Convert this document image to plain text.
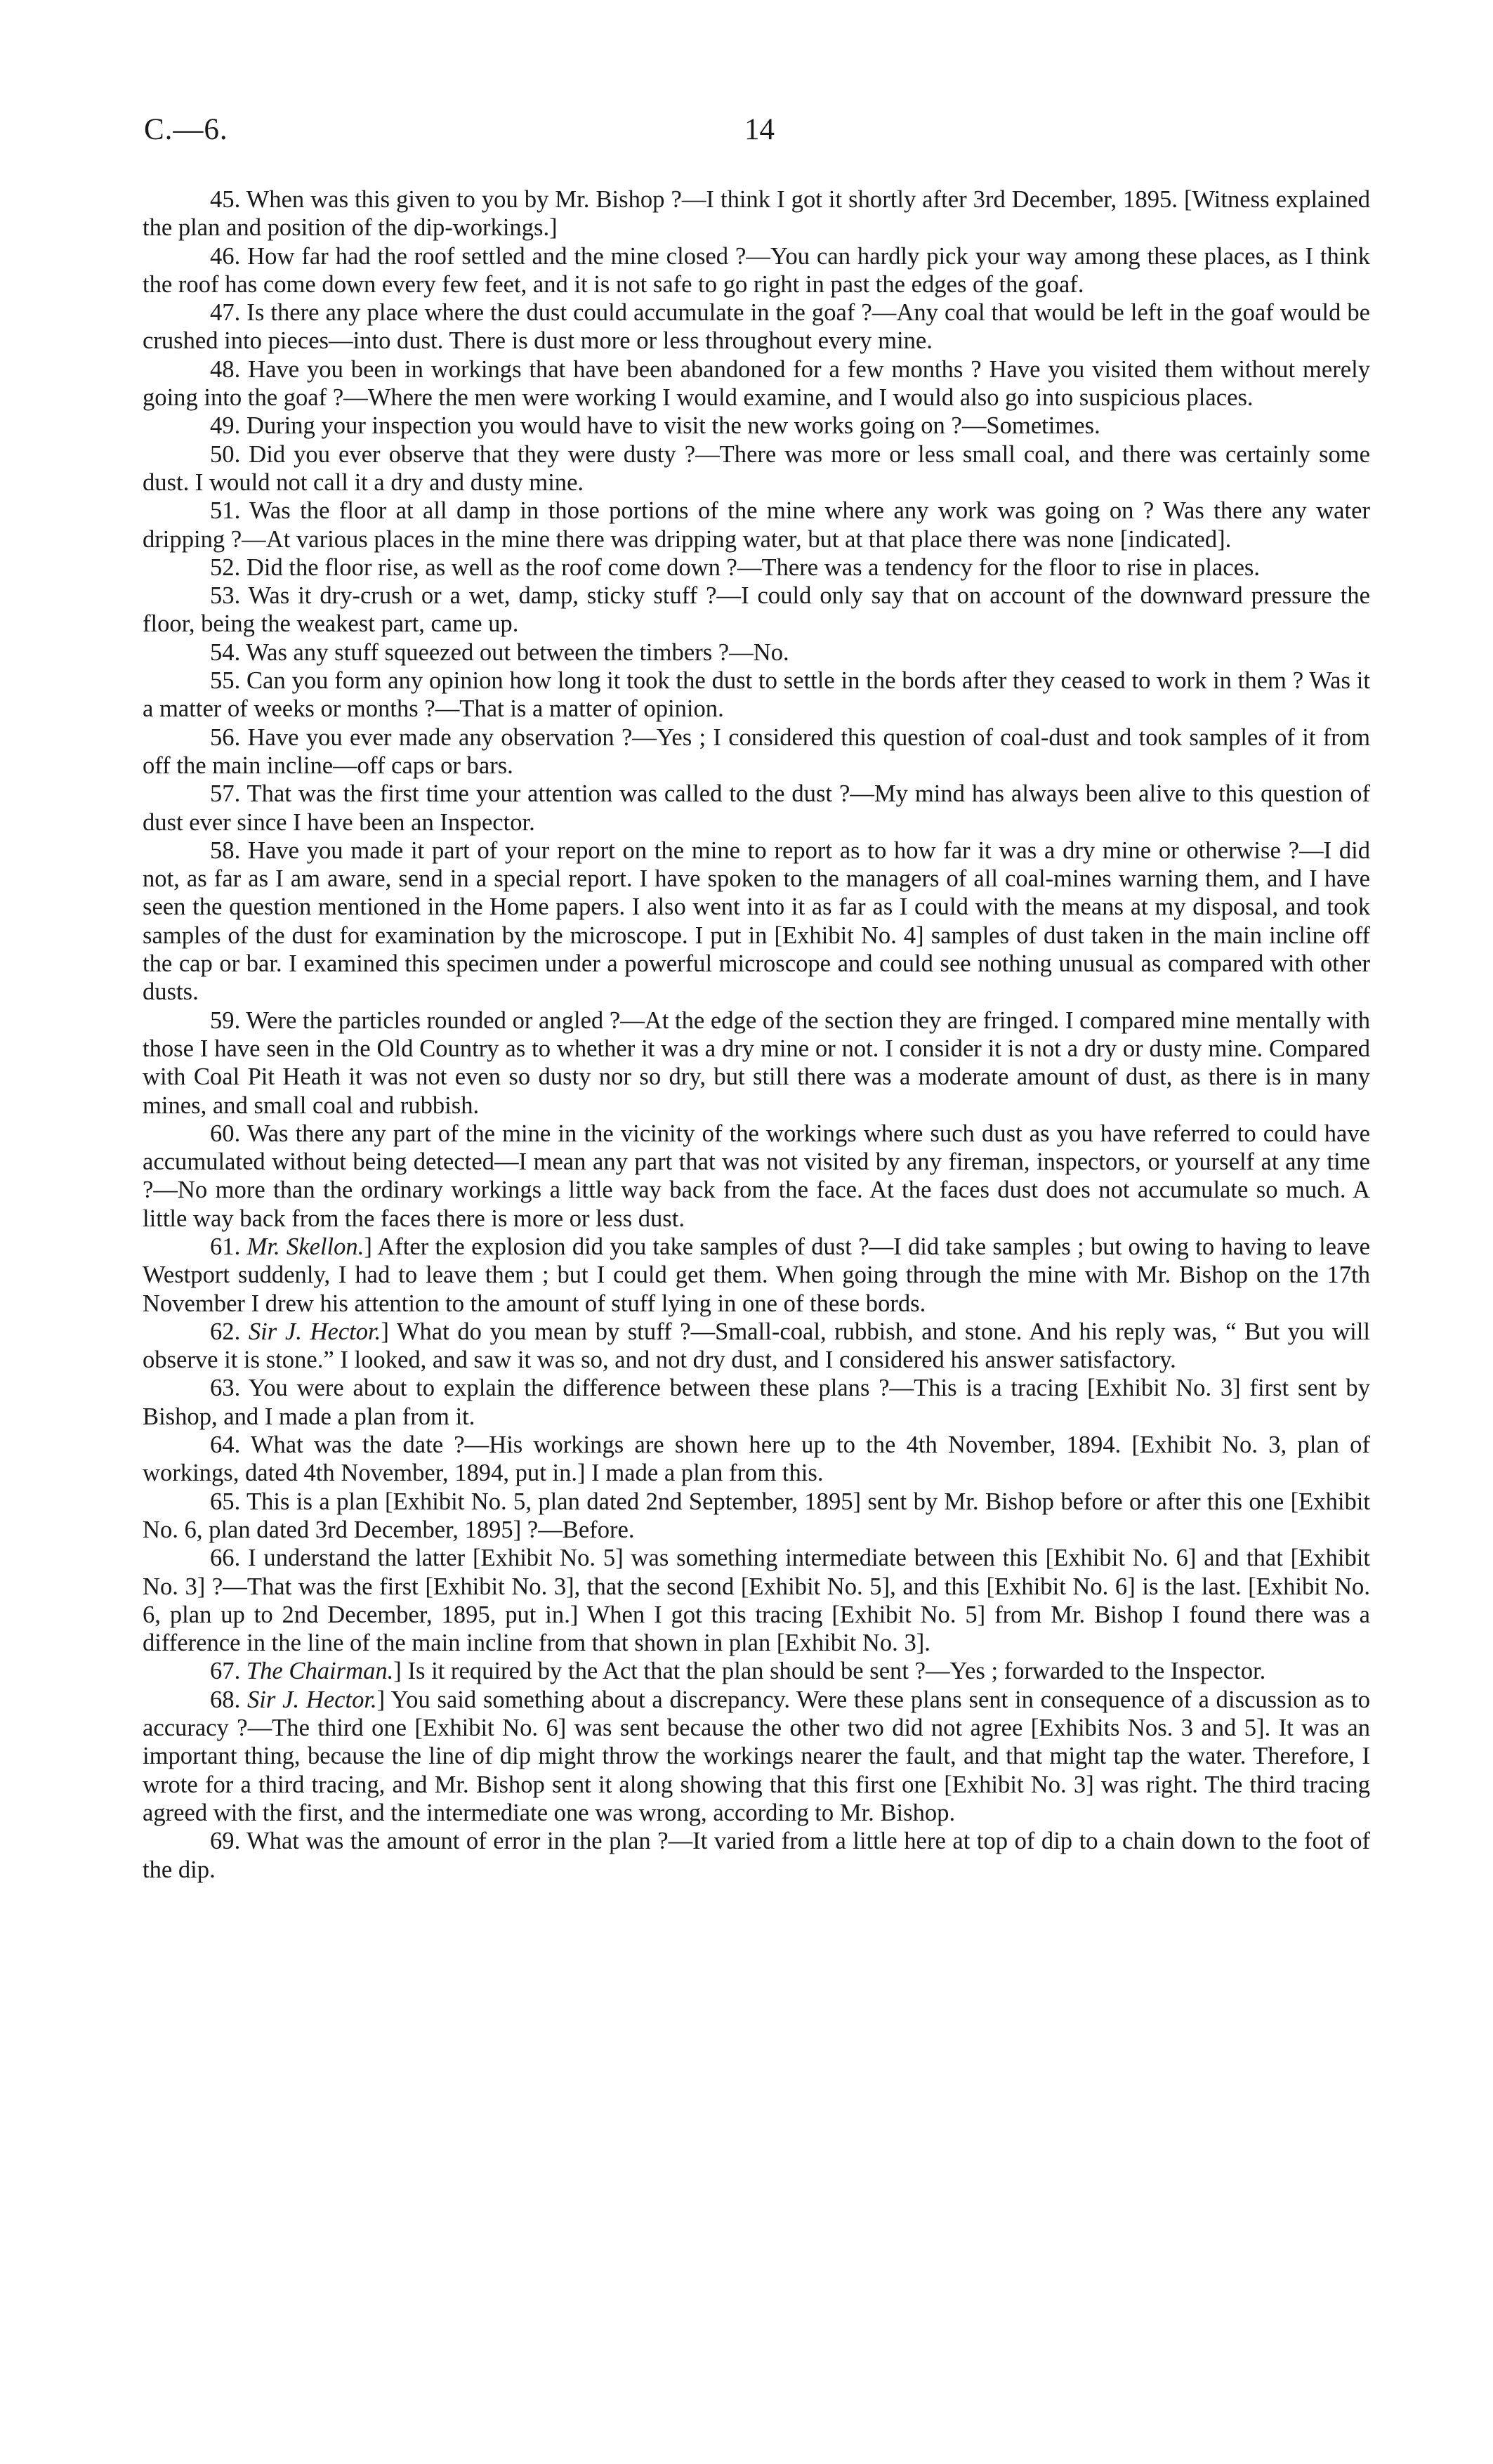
C.—6.	14

45. When was this given to you by Mr. Bishop ?—I think I got it shortly after 3rd December, 1895. [Witness explained the plan and position of the dip-workings.]

46. How far had the roof settled and the mine closed ?—You can hardly pick your way among these places, as I think the roof has come down every few feet, and it is not safe to go right in past the edges of the goaf.

47. Is there any place where the dust could accumulate in the goaf ?—Any coal that would be left in the goaf would be crushed into pieces—into dust. There is dust more or less throughout every mine.

48. Have you been in workings that have been abandoned for a few months ? Have you visited them without merely going into the goaf ?—Where the men were working I would examine, and I would also go into suspicious places.

49. During your inspection you would have to visit the new works going on ?—Sometimes.

50. Did you ever observe that they were dusty ?—There was more or less small coal, and there was certainly some dust. I would not call it a dry and dusty mine.

51. Was the floor at all damp in those portions of the mine where any work was going on ? Was there any water dripping ?—At various places in the mine there was dripping water, but at that place there was none [indicated].

52. Did the floor rise, as well as the roof come down ?—There was a tendency for the floor to rise in places.

53. Was it dry-crush or a wet, damp, sticky stuff ?—I could only say that on account of the downward pressure the floor, being the weakest part, came up.

54. Was any stuff squeezed out between the timbers ?—No.

55. Can you form any opinion how long it took the dust to settle in the bords after they ceased to work in them ? Was it a matter of weeks or months ?—That is a matter of opinion.

56. Have you ever made any observation ?—Yes ; I considered this question of coal-dust and took samples of it from off the main incline—off caps or bars.

57. That was the first time your attention was called to the dust ?—My mind has always been alive to this question of dust ever since I have been an Inspector.

58. Have you made it part of your report on the mine to report as to how far it was a dry mine or otherwise ?—I did not, as far as I am aware, send in a special report. I have spoken to the managers of all coal-mines warning them, and I have seen the question mentioned in the Home papers. I also went into it as far as I could with the means at my disposal, and took samples of the dust for examination by the microscope. I put in [Exhibit No. 4] samples of dust taken in the main incline off the cap or bar. I examined this specimen under a powerful microscope and could see nothing unusual as compared with other dusts.

59. Were the particles rounded or angled ?—At the edge of the section they are fringed. I compared mine mentally with those I have seen in the Old Country as to whether it was a dry mine or not. I consider it is not a dry or dusty mine. Compared with Coal Pit Heath it was not even so dusty nor so dry, but still there was a moderate amount of dust, as there is in many mines, and small coal and rubbish.

60. Was there any part of the mine in the vicinity of the workings where such dust as you have referred to could have accumulated without being detected—I mean any part that was not visited by any fireman, inspectors, or yourself at any time ?—No more than the ordinary workings a little way back from the face. At the faces dust does not accumulate so much. A little way back from the faces there is more or less dust.

61. Mr. Skellon.] After the explosion did you take samples of dust ?—I did take samples ; but owing to having to leave Westport suddenly, I had to leave them ; but I could get them. When going through the mine with Mr. Bishop on the 17th November I drew his attention to the amount of stuff lying in one of these bords.

62. Sir J. Hector.] What do you mean by stuff ?—Small-coal, rubbish, and stone. And his reply was, “ But you will observe it is stone.” I looked, and saw it was so, and not dry dust, and I considered his answer satisfactory.

63. You were about to explain the difference between these plans ?—This is a tracing [Exhibit No. 3] first sent by Bishop, and I made a plan from it.

64. What was the date ?—His workings are shown here up to the 4th November, 1894. [Exhibit No. 3, plan of workings, dated 4th November, 1894, put in.] I made a plan from this.

65. This is a plan [Exhibit No. 5, plan dated 2nd September, 1895] sent by Mr. Bishop before or after this one [Exhibit No. 6, plan dated 3rd December, 1895] ?—Before.

66. I understand the latter [Exhibit No. 5] was something intermediate between this [Exhibit No. 6] and that [Exhibit No. 3] ?—That was the first [Exhibit No. 3], that the second [Exhibit No. 5], and this [Exhibit No. 6] is the last. [Exhibit No. 6, plan up to 2nd December, 1895, put in.] When I got this tracing [Exhibit No. 5] from Mr. Bishop I found there was a difference in the line of the main incline from that shown in plan [Exhibit No. 3].

67. The Chairman.] Is it required by the Act that the plan should be sent ?—Yes ; forwarded to the Inspector.

68. Sir J. Hector.] You said something about a discrepancy. Were these plans sent in consequence of a discussion as to accuracy ?—The third one [Exhibit No. 6] was sent because the other two did not agree [Exhibits Nos. 3 and 5]. It was an important thing, because the line of dip might throw the workings nearer the fault, and that might tap the water. Therefore, I wrote for a third tracing, and Mr. Bishop sent it along showing that this first one [Exhibit No. 3] was right. The third tracing agreed with the first, and the intermediate one was wrong, according to Mr. Bishop.

69. What was the amount of error in the plan ?—It varied from a little here at top of dip to a chain down to the foot of the dip.
